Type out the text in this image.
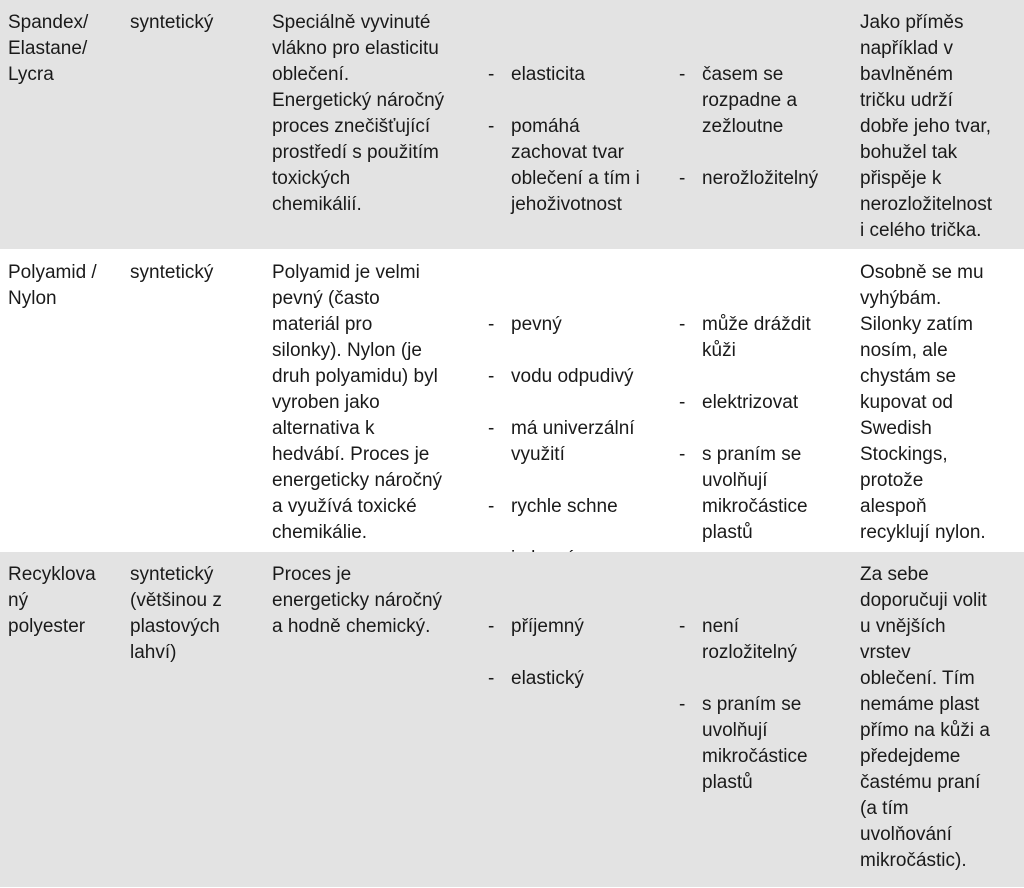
Spandex/
Elastane/
Lycra
syntetický	Speciálně vyvinuté
vlákno pro elasticitu
oblečení.
Energetický náročný
proces znečišťující
prostředí s použitím
toxických
chemikálií.

- elasticita

- pomáhá
zachovat tvar
oblečení a tím i
jehoživotnost

- časem se
rozpadne a
zežloutne

- nerožložitelný

Jako příměs
například v
bavlněném
tričku udrží
dobře jeho tvar,
bohužel tak
přispěje k
nerozložitelnost
i celého trička.
Polyamid /
Nylon
syntetický	Polyamid je velmi
pevný (často
materiál pro
silonky). Nylon (je
druh polyamidu) byl
vyroben jako
alternativa k
hedvábí. Proces je
energeticky náročný
a využívá toxické
chemikálie.

- pevný

- vodu odpudivý

- má univerzální
využití

- rychle schne

-

-

- může dráždit
kůži

- elektrizovat

- s praním se
uvolňují
mikročástice
plastů

-

Osobně se mu
vyhýbám.
Silonky zatím
nosím, ale
chystám se
kupovat od
Swedish
Stockings,
protože
alespoň
recyklují nylon.
Recyklova
ný
polyester
syntetický
(většinou z
plastových
lahví)
Proces je
energeticky náročný
a hodně chemický.

-	příjemný

- elastický

- není
rozložitelný

- s praním se
uvolňují
mikročástice
plastů

Za sebe
doporučuji volit
u vnějších
vrstev
oblečení. Tím
nemáme plast
přímo na kůži a
předejdeme
častému praní
(a tím
uvolňování
mikročástic).
